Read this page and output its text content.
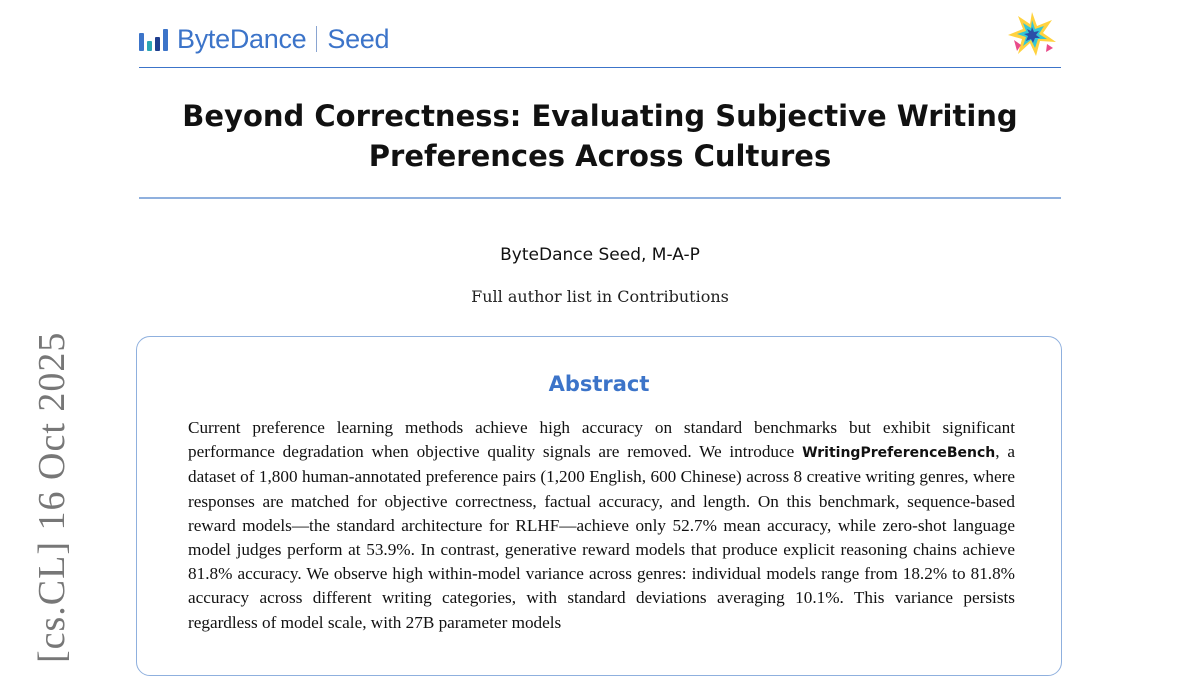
ByteDance Seed
Beyond Correctness: Evaluating Subjective Writing Preferences Across Cultures
ByteDance Seed, M-A-P
Full author list in Contributions
[cs.CL] 16 Oct 2025	Abstract

Current preference learning methods achieve high accuracy on standard benchmarks but exhibit significant performance degradation when objective quality signals are removed. We introduce WritingPreferenceBench, a dataset of 1,800 human-annotated preference pairs (1,200 English, 600 Chinese) across 8 creative writing genres, where responses are matched for objective correctness, factual accuracy, and length. On this benchmark, sequence-based reward models—the standard architecture for RLHF—achieve only 52.7% mean accuracy, while zero-shot language model judges perform at 53.9%. In contrast, generative reward models that produce explicit reasoning chains achieve 81.8% accuracy. We observe high within-model variance across genres: individual models range from 18.2% to 81.8% accuracy across different writing categories, with standard deviations averaging 10.1%. This variance persists regardless of model scale, with 27B parameter models
